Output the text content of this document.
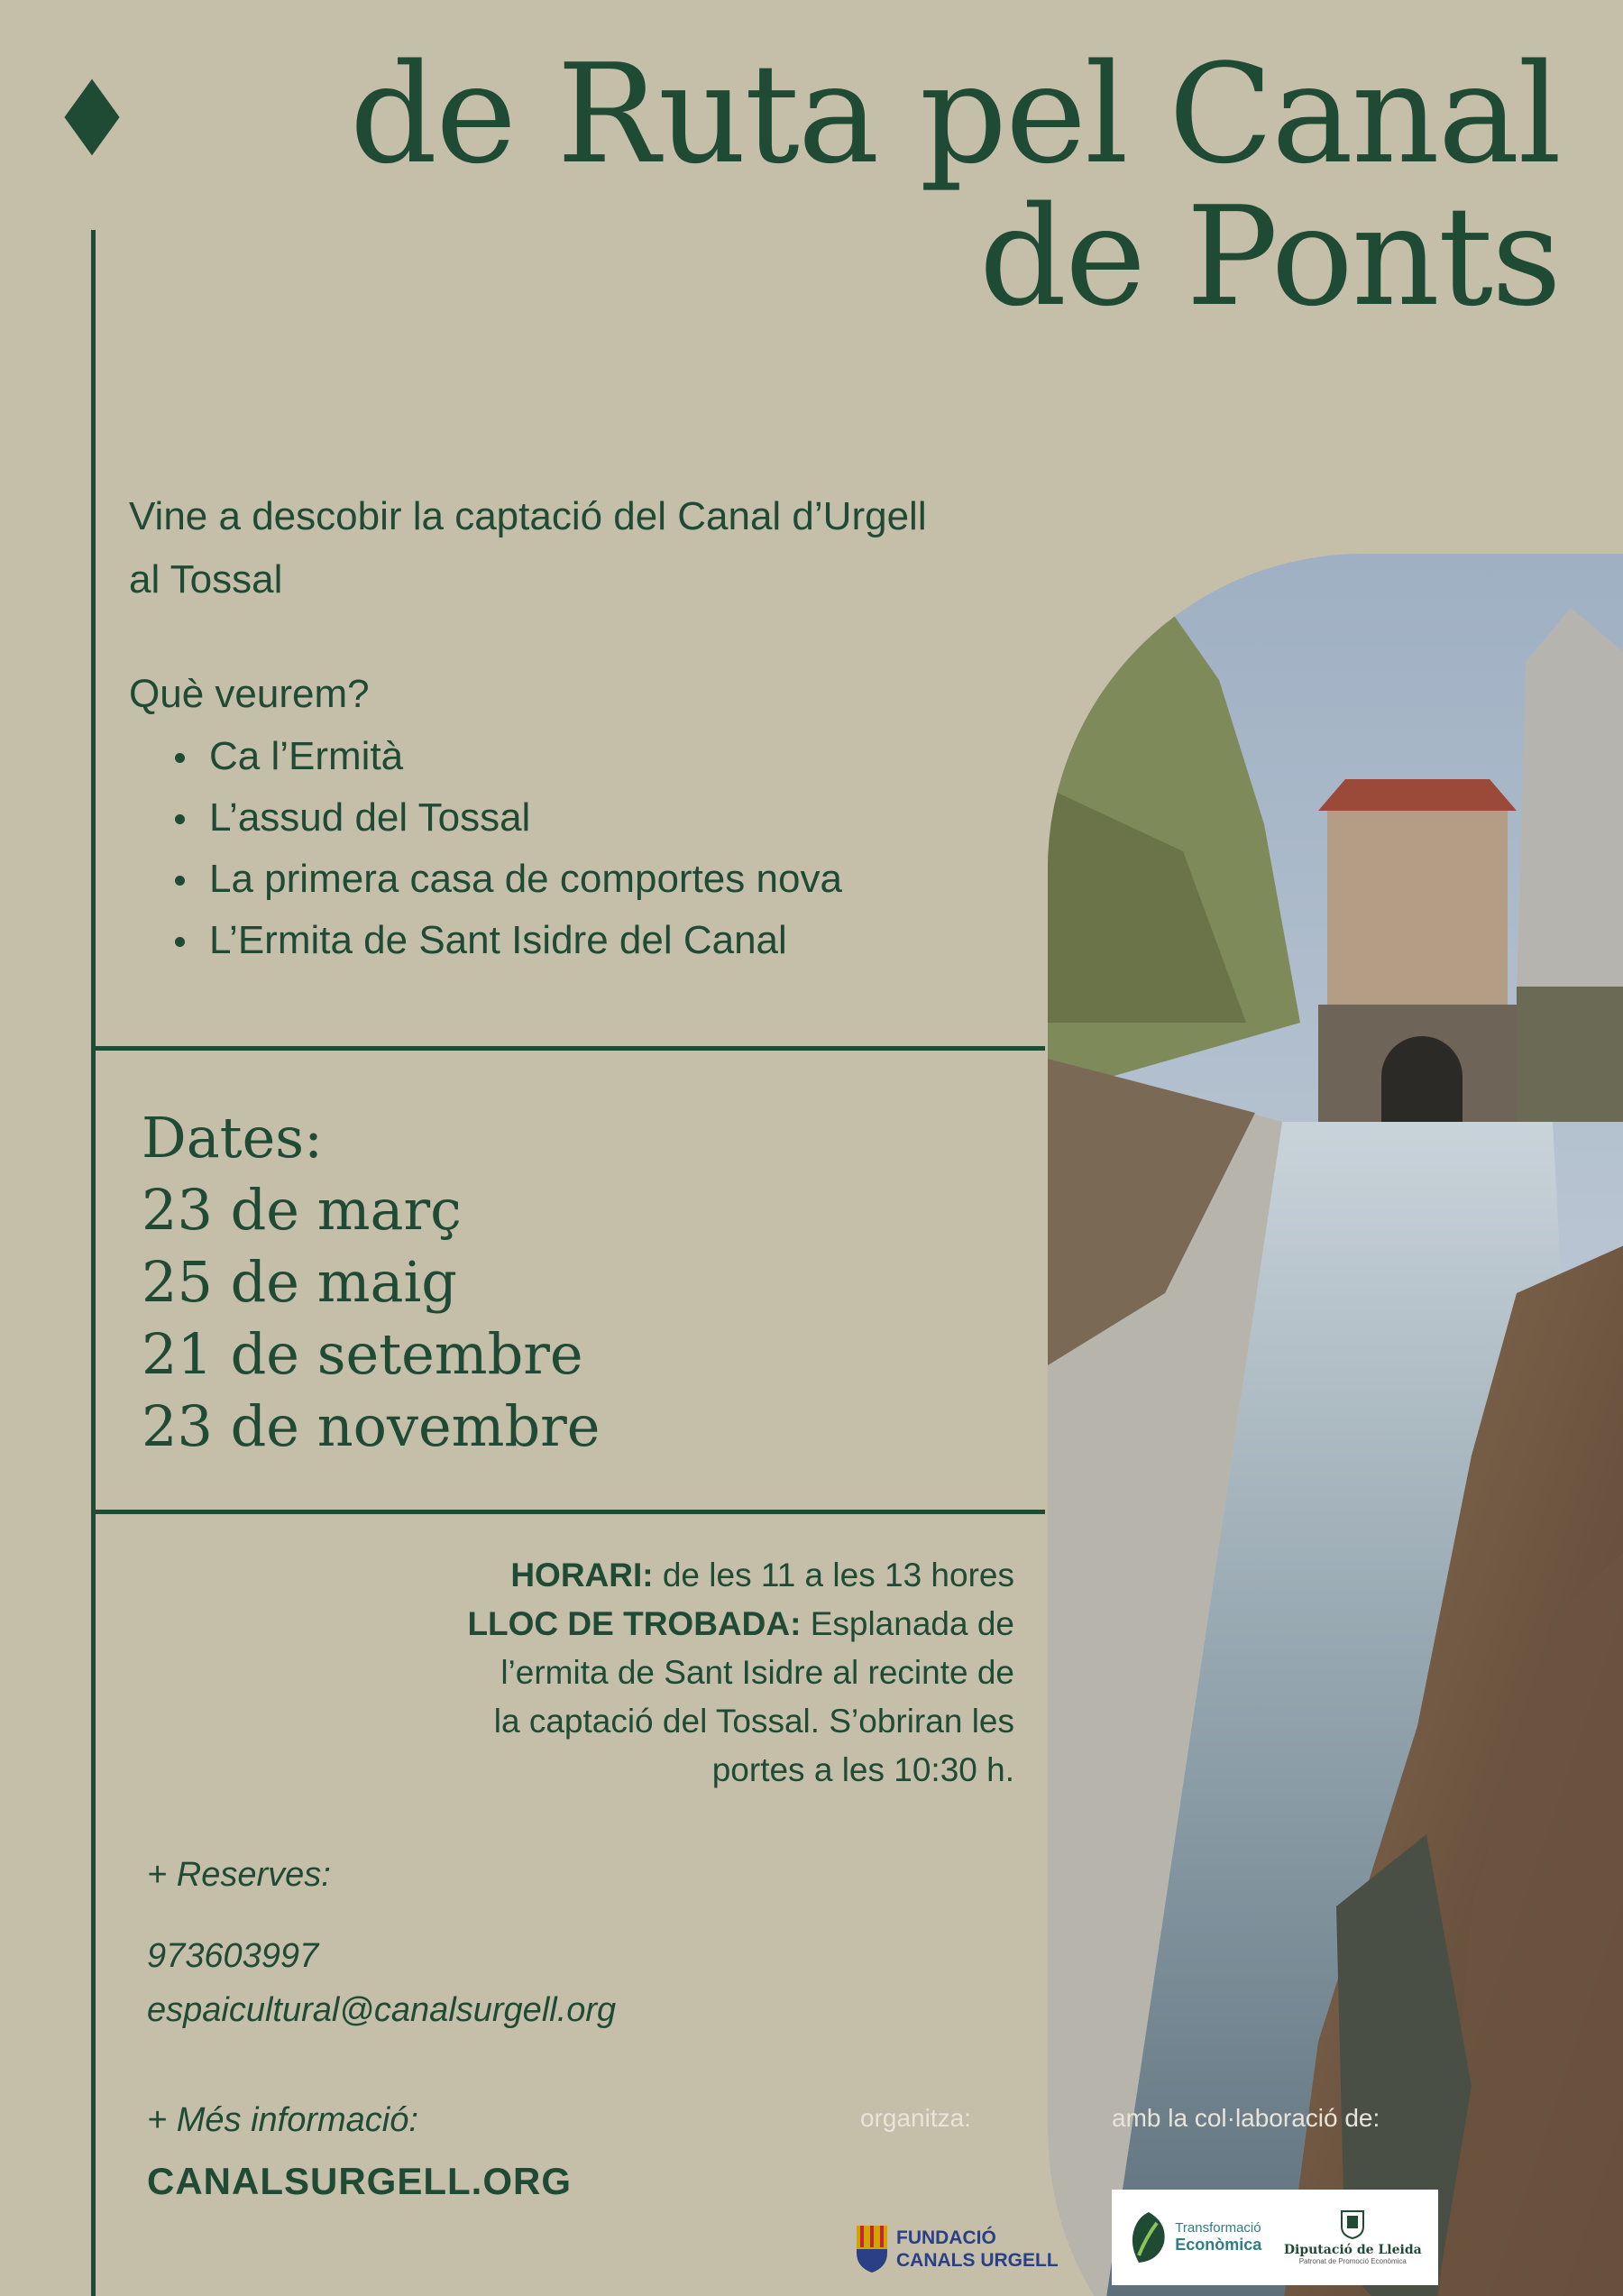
de Ruta pel Canal
de Ponts
Vine a descobir la captació del Canal d’Urgell
al Tossal
Què veurem?
Ca l’Ermità
L’assud del Tossal
La primera casa de comportes nova
L’Ermita de Sant Isidre del Canal
Dates:
23 de març
25 de maig
21 de setembre
23 de novembre
HORARI: de les 11 a les 13 hores
LLOC DE TROBADA: Esplanada de
l’ermita de Sant Isidre al recinte de
la captació del Tossal. S’obriran les
portes a les 10:30 h.
+ Reserves:
973603997
espaicultural@canalsurgell.org
+ Més informació:
CANALSURGELL.ORG
organitza:	amb la col·laboració de:
FUNDACIÓ
CANALS URGELL
Transformació
Econòmica Diputació de Lleida
Patronat de Promoció Econòmica
